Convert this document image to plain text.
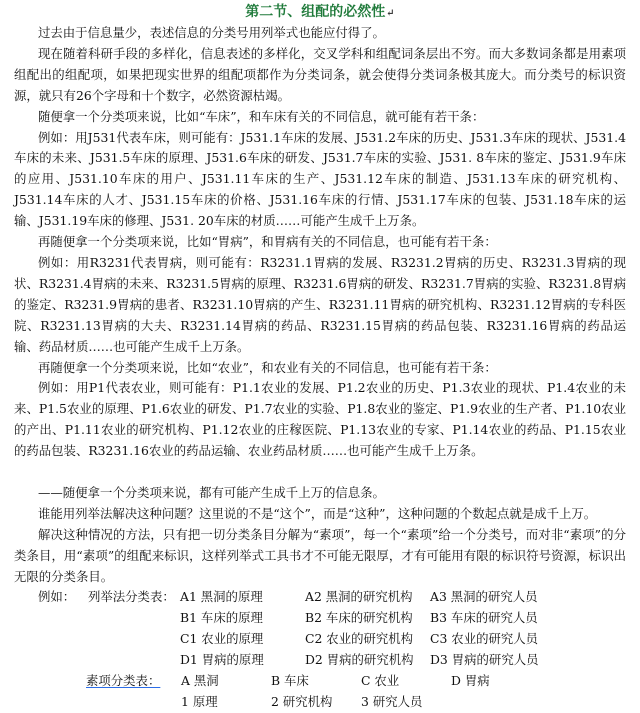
第二节、组配的必然性↵

过去由于信息量少，表述信息的分类号用列举式也能应付得了。

现在随着科研手段的多样化，信息表述的多样化，交叉学科和组配词条层出不穷。而大多数词条都是用素项组配出的组配项，如果把现实世界的组配项都作为分类词条，就会使得分类词条极其庞大。而分类号的标识资源，就只有26个字母和十个数字，必然资源枯竭。

随便拿一个分类项来说，比如“车床”，和车床有关的不同信息，就可能有若干条：

例如：用J531代表车床，则可能有：J531.1车床的发展、J531.2车床的历史、J531.3车床的现状、J531.4车床的未来、J531.5车床的原理、J531.6车床的研发、J531.7车床的实验、J531. 8车床的鉴定、J531.9车床的应用、J531.10车床的用户、J531.11车床的生产、J531.12车床的制造、J531.13车床的研究机构、J531.14车床的人才、J531.15车床的价格、J531.16车床的行情、J531.17车床的包装、J531.18车床的运输、J531.19车床的修理、J531. 20车床的材质……可能产生成千上万条。

再随便拿一个分类项来说，比如“胃病”，和胃病有关的不同信息，也可能有若干条：

例如：用R3231代表胃病，则可能有：R3231.1胃病的发展、R3231.2胃病的历史、R3231.3胃病的现状、R3231.4胃病的未来、R3231.5胃病的原理、R3231.6胃病的研发、R3231.7胃病的实验、R3231.8胃病的鉴定、R3231.9胃病的患者、R3231.10胃病的产生、R3231.11胃病的研究机构、R3231.12胃病的专科医院、R3231.13胃病的大夫、R3231.14胃病的药品、R3231.15胃病的药品包装、R3231.16胃病的药品运输、药品材质……也可能产生成千上万条。

再随便拿一个分类项来说，比如“农业”，和农业有关的不同信息，也可能有若干条：

例如：用P1代表农业，则可能有：P1.1农业的发展、P1.2农业的历史、P1.3农业的现状、P1.4农业的未来、P1.5农业的原理、P1.6农业的研发、P1.7农业的实验、P1.8农业的鉴定、P1.9农业的生产者、P1.10农业的产出、P1.11农业的研究机构、P1.12农业的庄稼医院、P1.13农业的专家、P1.14农业的药品、P1.15农业的药品包装、R3231.16农业的药品运输、农业药品材质……也可能产生成千上万条。

——随便拿一个分类项来说，都有可能产生成千上万的信息条。

谁能用列举法解决这种问题？这里说的不是“这个”，而是“这种”，这种问题的个数起点就是成千上万。

解决这种情况的方法，只有把一切分类条目分解为“素项”，每一个“素项”给一个分类号，而对非“素项”的分类条目，用“素项”的组配来标识，这样列举式工具书才不可能无限厚，才有可能用有限的标识符号资源，标识出无限的分类条目。

例如：	列举法分类表： A1 黑洞的原理	A2 黑洞的研究机构	A3 黑洞的研究人员
B1 车床的原理	B2 车床的研究机构	B3 车床的研究人员
C1 农业的原理	C2 农业的研究机构	C3 农业的研究人员
D1 胃病的原理	D2 胃病的研究机构	D3 胃病的研究人员
素项分类表：	A 黑洞	B 车床	C 农业	D 胃病
1 原理	2 研究机构	3 研究人员
